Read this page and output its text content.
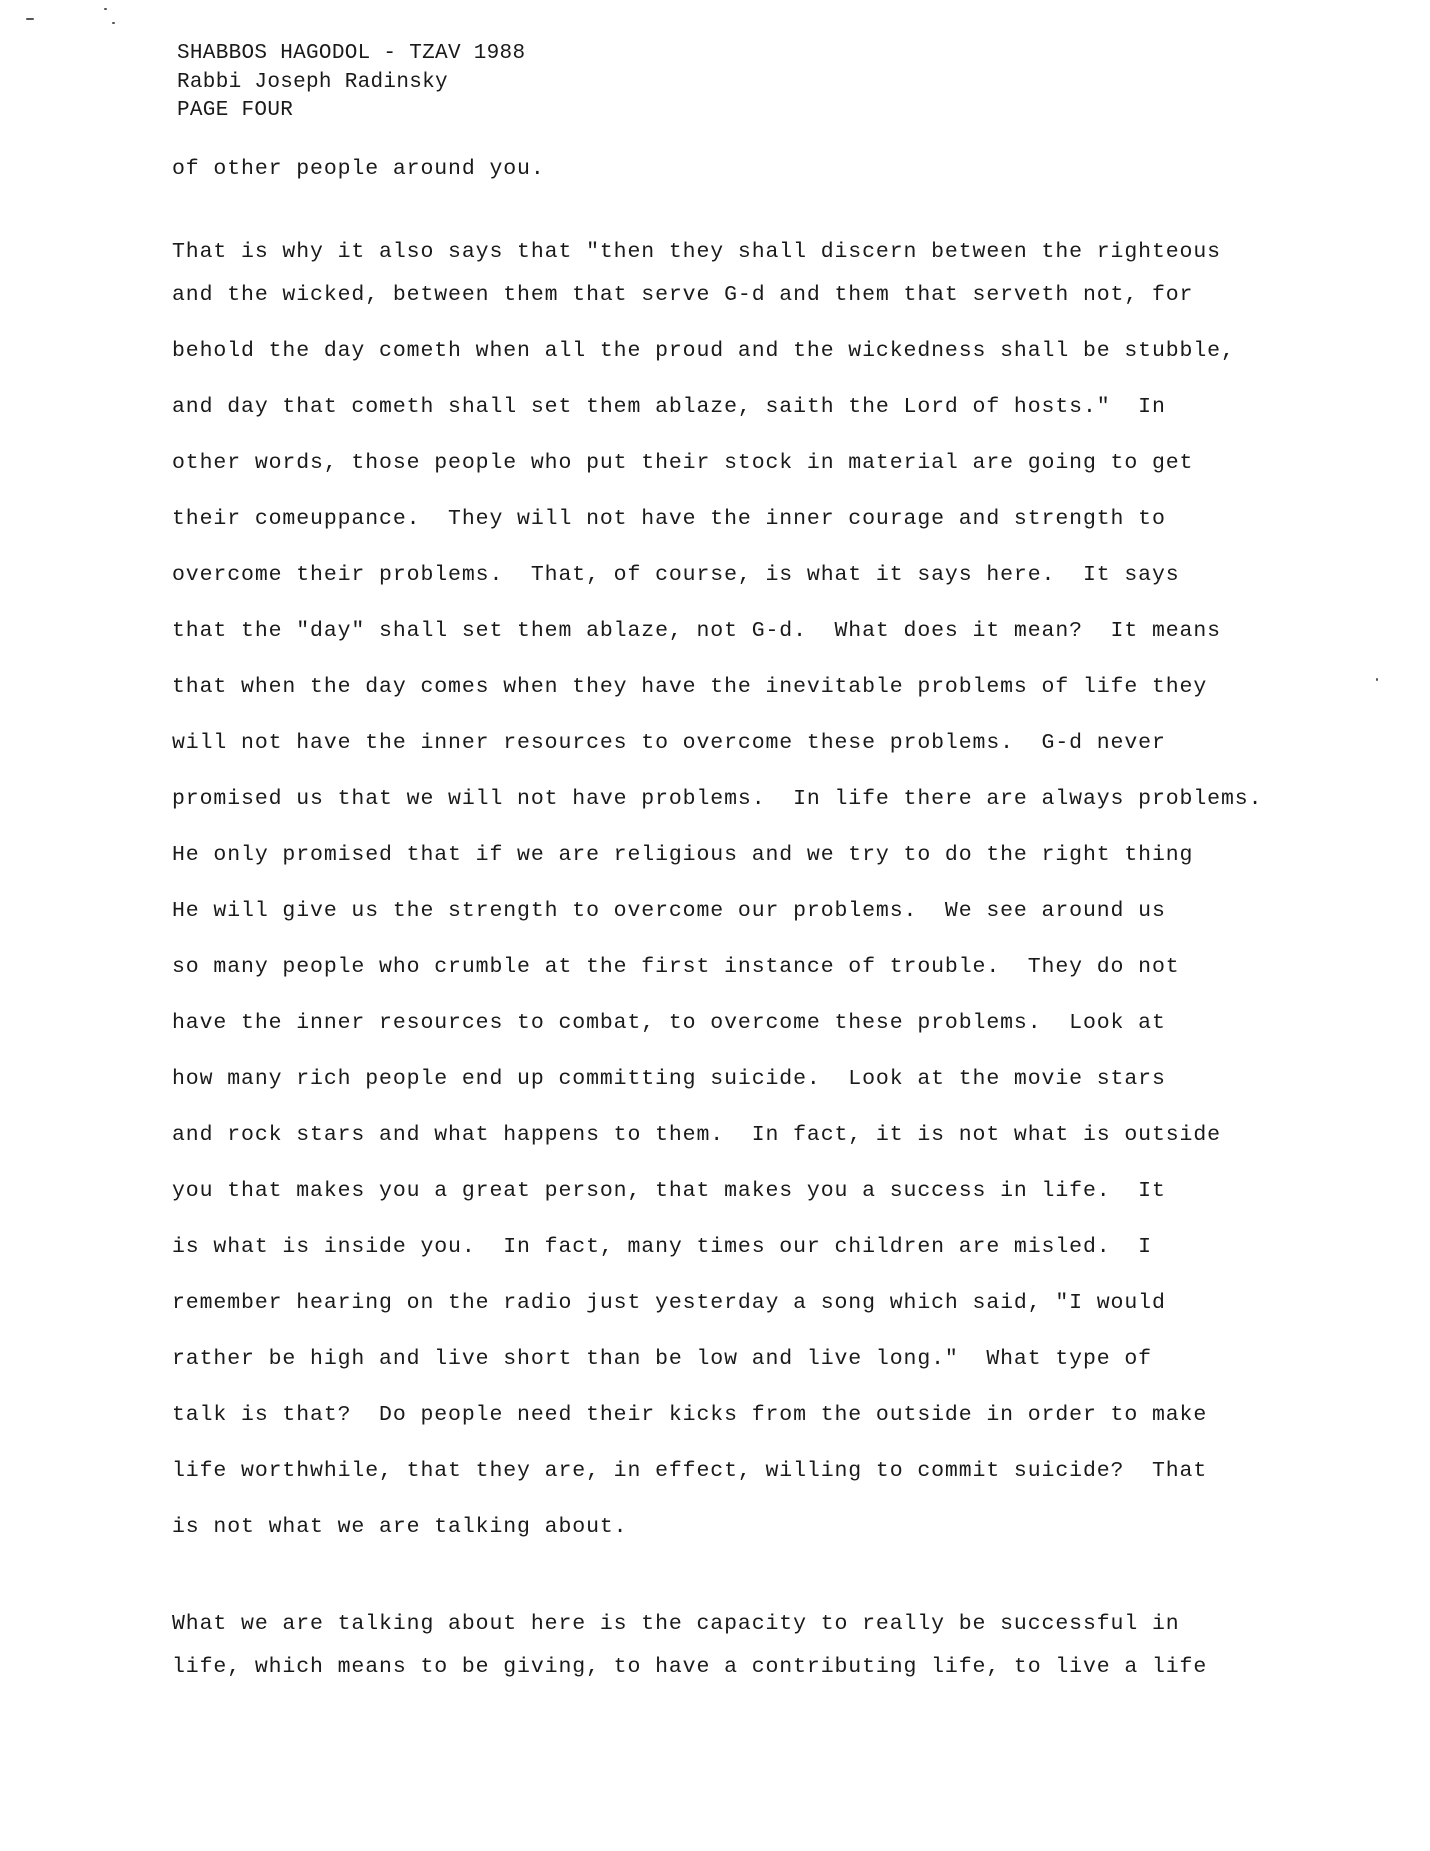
SHABBOS HAGODOL - TZAV 1988
Rabbi Joseph Radinsky
PAGE FOUR
of other people around you.
That is why it also says that "then they shall discern between the righteous
and the wicked, between them that serve G-d and them that serveth not, for
behold the day cometh when all the proud and the wickedness shall be stubble,
and day that cometh shall set them ablaze, saith the Lord of hosts."  In
other words, those people who put their stock in material are going to get
their comeuppance.  They will not have the inner courage and strength to
overcome their problems.  That, of course, is what it says here.  It says
that the "day" shall set them ablaze, not G-d.  What does it mean?  It means
that when the day comes when they have the inevitable problems of life they
will not have the inner resources to overcome these problems.  G-d never
promised us that we will not have problems.  In life there are always problems.
He only promised that if we are religious and we try to do the right thing
He will give us the strength to overcome our problems.  We see around us
so many people who crumble at the first instance of trouble.  They do not
have the inner resources to combat, to overcome these problems.  Look at
how many rich people end up committing suicide.  Look at the movie stars
and rock stars and what happens to them.  In fact, it is not what is outside
you that makes you a great person, that makes you a success in life.  It
is what is inside you.  In fact, many times our children are misled.  I
remember hearing on the radio just yesterday a song which said, "I would
rather be high and live short than be low and live long."  What type of
talk is that?  Do people need their kicks from the outside in order to make
life worthwhile, that they are, in effect, willing to commit suicide?  That
is not what we are talking about.
What we are talking about here is the capacity to really be successful in
life, which means to be giving, to have a contributing life, to live a life
